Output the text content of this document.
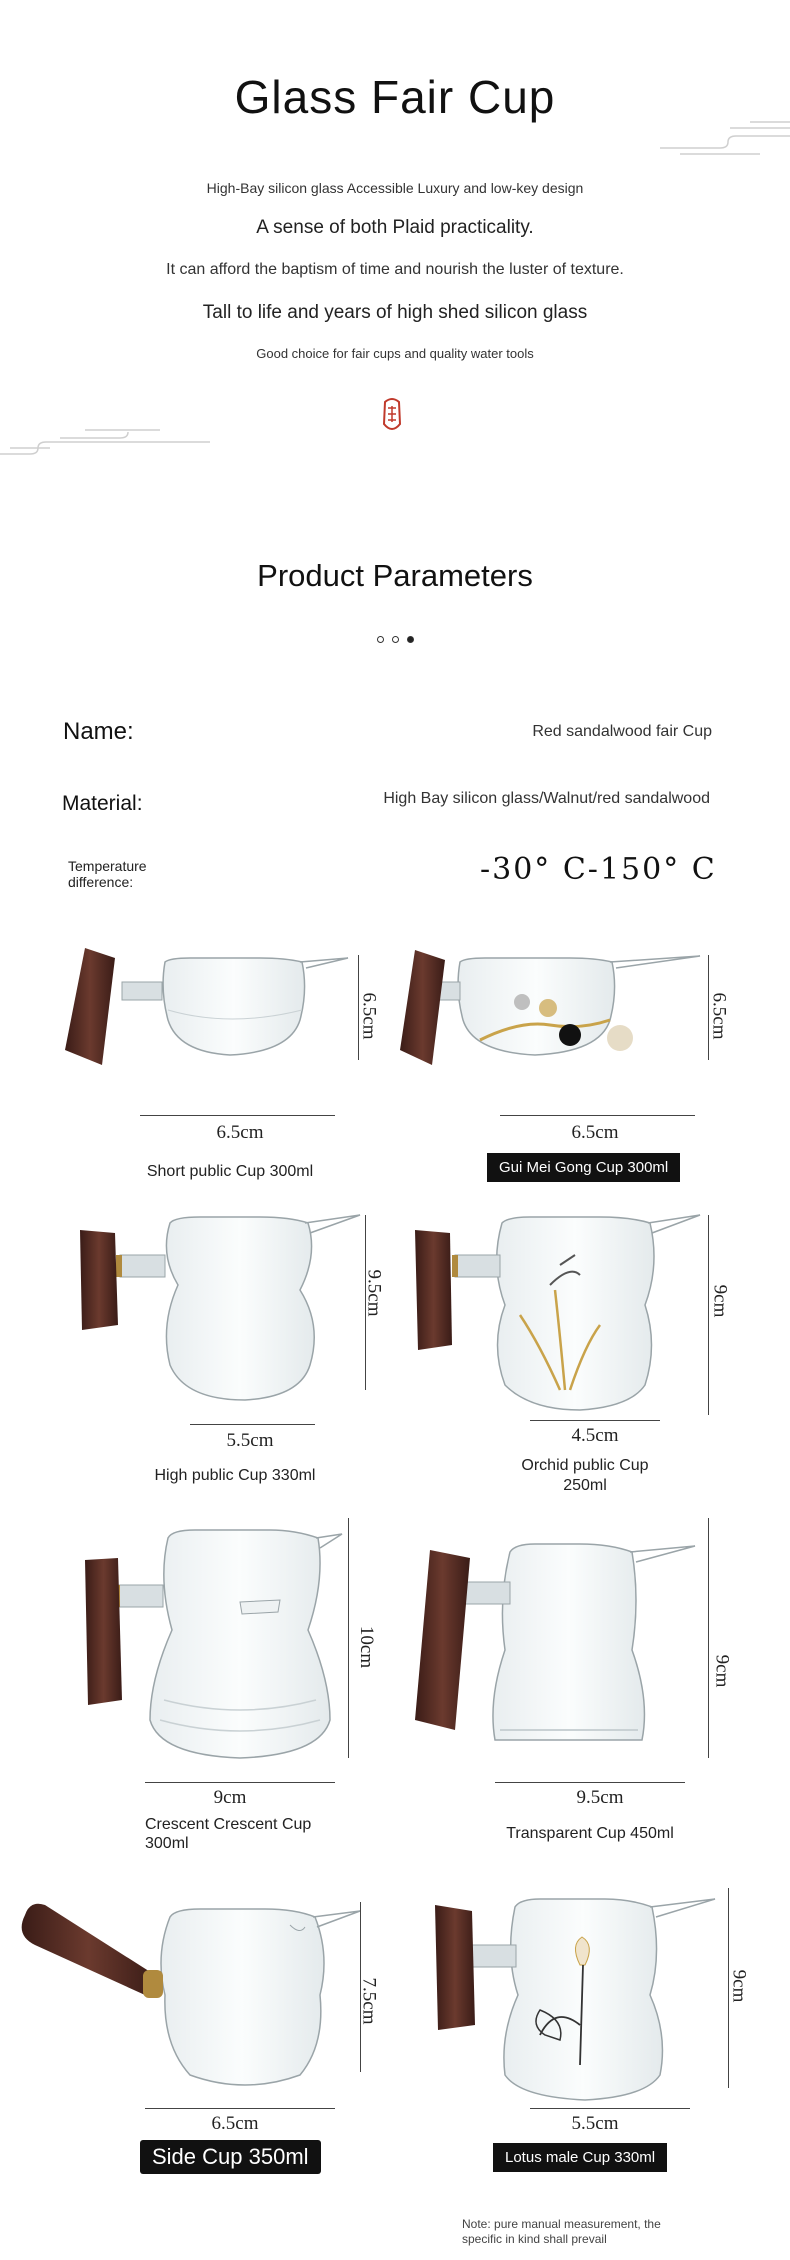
Glass Fair Cup
High-Bay silicon glass Accessible Luxury and low-key design
A sense of both Plaid practicality.
It can afford the baptism of time and nourish the luster of texture.
Tall to life and years of high shed silicon glass
Good choice for fair cups and quality water tools
Product Parameters
Name:	Red sandalwood fair Cup
Material:	High Bay silicon glass/Walnut/red sandalwood
Temperature
difference:	-30° C-150° C
6.5cm
6.5cm
Short public Cup 300ml
6.5cm
6.5cm
Gui Mei Gong Cup 300ml
9.5cm
5.5cm
High public Cup 330ml
9cm
4.5cm
Orchid public Cup
250ml
10cm
9cm
Crescent Crescent Cup
300ml
9cm
9.5cm
Transparent Cup 450ml
7.5cm
6.5cm
Side Cup 350ml
9cm
5.5cm
Lotus male Cup 330ml
Note: pure manual measurement, the
specific in kind shall prevail
